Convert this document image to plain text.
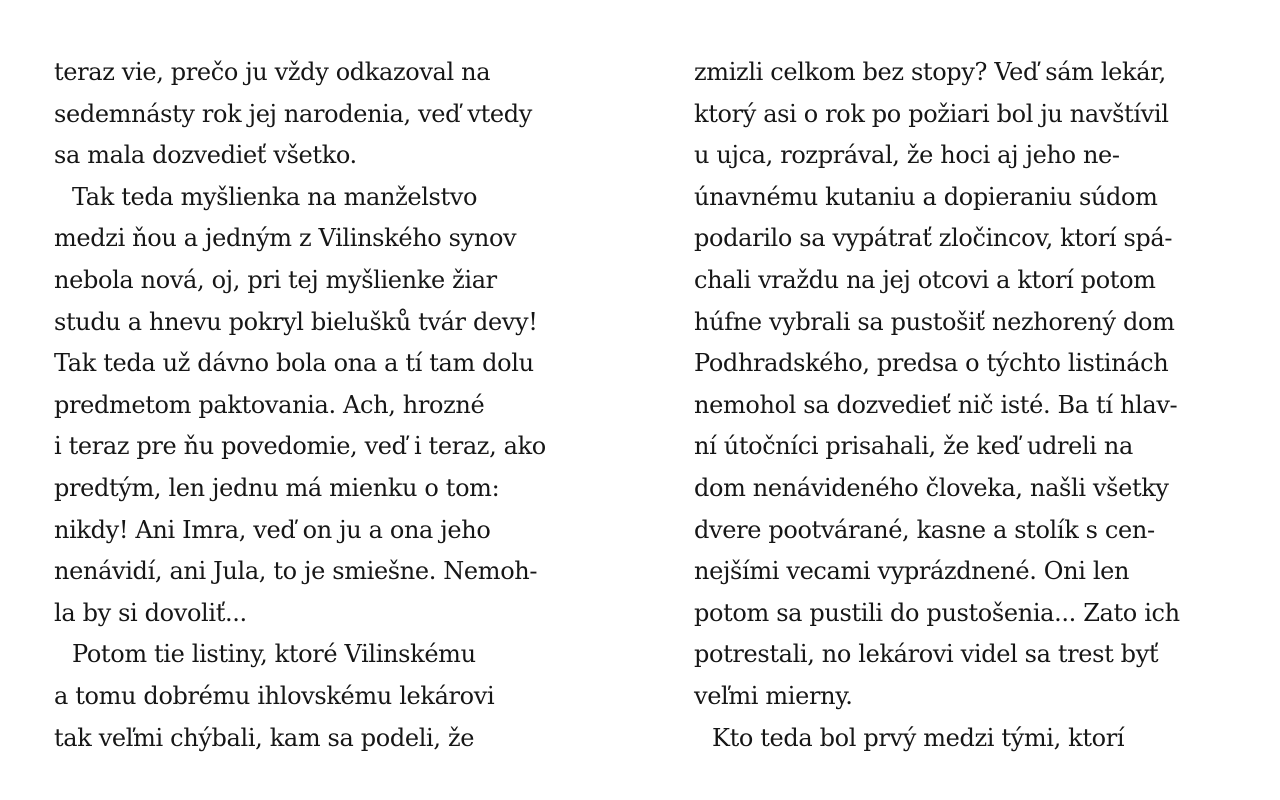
teraz vie, prečo ju vždy odkazoval na
sedemnásty rok jej narodenia, veď vtedy
sa mala dozvedieť všetko.
Tak teda myšlienka na manželstvo
medzi ňou a jedným z Vilinského synov
nebola nová, oj, pri tej myšlienke žiar
studu a hnevu pokryl bielušků tvár devy!
Tak teda už dávno bola ona a tí tam dolu
predmetom paktovania. Ach, hrozné
i teraz pre ňu povedomie, veď i teraz, ako
predtým, len jednu má mienku o tom:
nikdy! Ani Imra, veď on ju a ona jeho
nenávidí, ani Jula, to je smiešne. Nemoh-
la by si dovoliť...
Potom tie listiny, ktoré Vilinskému
a tomu dobrému ihlovskému lekárovi
tak veľmi chýbali, kam sa podeli, že
zmizli celkom bez stopy? Veď sám lekár,
ktorý asi o rok po požiari bol ju navštívil
u ujca, rozprával, že hoci aj jeho ne-
únavnému kutaniu a dopieraniu súdom
podarilo sa vypátrať zločincov, ktorí spá-
chali vraždu na jej otcovi a ktorí potom
húfne vybrali sa pustošiť nezhorený dom
Podhradského, predsa o týchto listinách
nemohol sa dozvedieť nič isté. Ba tí hlav-
ní útočníci prisahali, že keď udreli na
dom nenávideného človeka, našli všetky
dvere pootvárané, kasne a stolík s cen-
nejšími vecami vyprázdnené. Oni len
potom sa pustili do pustošenia... Zato ich
potrestali, no lekárovi videl sa trest byť
veľmi mierny.
Kto teda bol prvý medzi tými, ktorí
